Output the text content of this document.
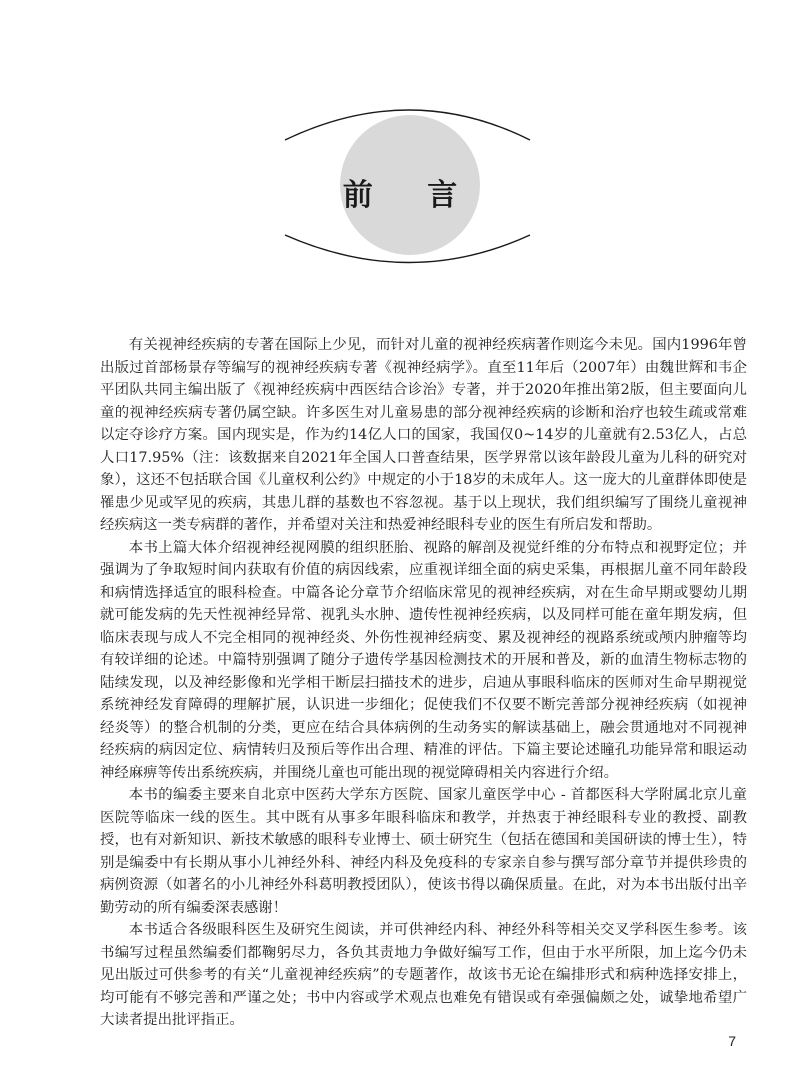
前 言

有关视神经疾病的专著在国际上少见，而针对儿童的视神经疾病著作则迄今未见。国内1996年曾出版过首部杨景存等编写的视神经疾病专著《视神经病学》。直至11年后（2007年）由魏世辉和韦企平团队共同主编出版了《视神经疾病中西医结合诊治》专著，并于2020年推出第2版，但主要面向儿童的视神经疾病专著仍属空缺。许多医生对儿童易患的部分视神经疾病的诊断和治疗也较生疏或常难以定夺诊疗方案。国内现实是，作为约14亿人口的国家，我国仅0~14岁的儿童就有2.53亿人，占总人口17.95%（注：该数据来自2021年全国人口普查结果，医学界常以该年龄段儿童为儿科的研究对象），这还不包括联合国《儿童权利公约》中规定的小于18岁的未成年人。这一庞大的儿童群体即使是罹患少见或罕见的疾病，其患儿群的基数也不容忽视。基于以上现状，我们组织编写了围绕儿童视神经疾病这一类专病群的著作，并希望对关注和热爱神经眼科专业的医生有所启发和帮助。

本书上篇大体介绍视神经视网膜的组织胚胎、视路的解剖及视觉纤维的分布特点和视野定位；并强调为了争取短时间内获取有价值的病因线索，应重视详细全面的病史采集，再根据儿童不同年龄段和病情选择适宜的眼科检查。中篇各论分章节介绍临床常见的视神经疾病，对在生命早期或婴幼儿期就可能发病的先天性视神经异常、视乳头水肿、遗传性视神经疾病，以及同样可能在童年期发病，但临床表现与成人不完全相同的视神经炎、外伤性视神经病变、累及视神经的视路系统或颅内肿瘤等均有较详细的论述。中篇特别强调了随分子遗传学基因检测技术的开展和普及，新的血清生物标志物的陆续发现，以及神经影像和光学相干断层扫描技术的进步，启迪从事眼科临床的医师对生命早期视觉系统神经发育障碍的理解扩展，认识进一步细化；促使我们不仅要不断完善部分视神经疾病（如视神经炎等）的整合机制的分类，更应在结合具体病例的生动务实的解读基础上，融会贯通地对不同视神经疾病的病因定位、病情转归及预后等作出合理、精准的评估。下篇主要论述瞳孔功能异常和眼运动神经麻痹等传出系统疾病，并围绕儿童也可能出现的视觉障碍相关内容进行介绍。

本书的编委主要来自北京中医药大学东方医院、国家儿童医学中心 - 首都医科大学附属北京儿童医院等临床一线的医生。其中既有从事多年眼科临床和教学，并热衷于神经眼科专业的教授、副教授，也有对新知识、新技术敏感的眼科专业博士、硕士研究生（包括在德国和美国研读的博士生），特别是编委中有长期从事小儿神经外科、神经内科及免疫科的专家亲自参与撰写部分章节并提供珍贵的病例资源（如著名的小儿神经外科葛明教授团队），使该书得以确保质量。在此，对为本书出版付出辛勤劳动的所有编委深表感谢！

本书适合各级眼科医生及研究生阅读，并可供神经内科、神经外科等相关交叉学科医生参考。该书编写过程虽然编委们都鞠躬尽力，各负其责地力争做好编写工作，但由于水平所限，加上迄今仍未见出版过可供参考的有关“儿童视神经疾病”的专题著作，故该书无论在编排形式和病种选择安排上，均可能有不够完善和严谨之处；书中内容或学术观点也难免有错误或有牵强偏颇之处，诚挚地希望广大读者提出批评指正。

7
